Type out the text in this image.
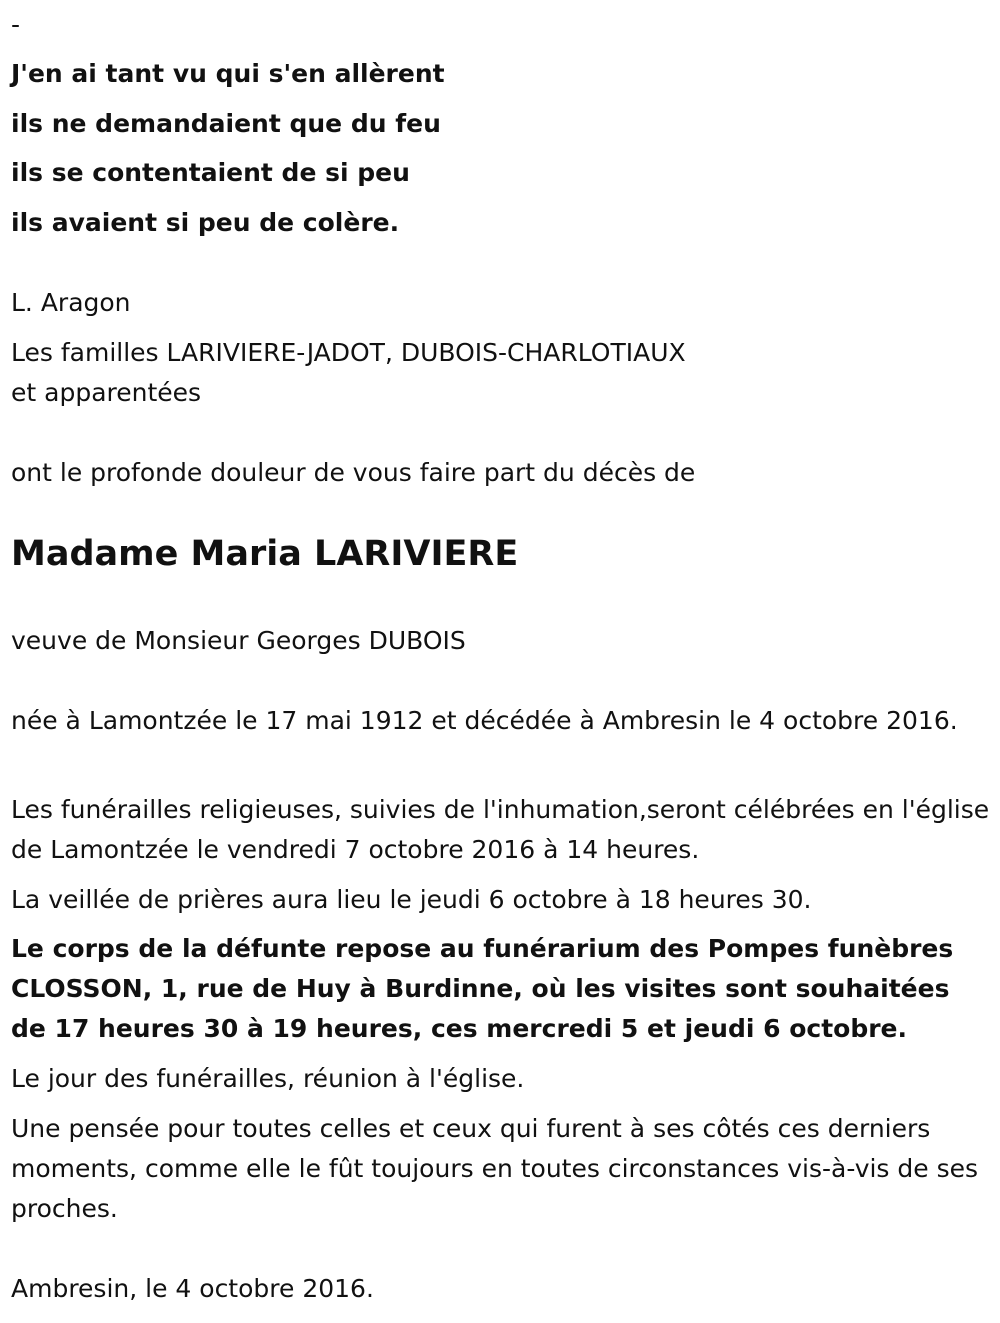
-
J'en ai tant vu qui s'en allèrent
ils ne demandaient que du feu
ils se contentaient de si peu
ils avaient si peu de colère.
L. Aragon
Les familles LARIVIERE-JADOT, DUBOIS-CHARLOTIAUX
et apparentées
ont le profonde douleur de vous faire part du décès de
Madame Maria LARIVIERE
veuve de Monsieur Georges DUBOIS
née à Lamontzée le 17 mai 1912 et décédée à Ambresin le 4 octobre 2016.
Les funérailles religieuses, suivies de l'inhumation,seront célébrées en l'église de Lamontzée le vendredi 7 octobre 2016 à 14 heures.
La veillée de prières aura lieu le jeudi 6 octobre à 18 heures 30.
Le corps de la défunte repose au funérarium des Pompes funèbres CLOSSON, 1, rue de Huy à Burdinne, où les visites sont souhaitées de 17 heures 30 à 19 heures, ces mercredi 5 et jeudi 6 octobre.
Le jour des funérailles, réunion à l'église.
Une pensée pour toutes celles et ceux qui furent à ses côtés ces derniers moments, comme elle le fût toujours en toutes circonstances vis-à-vis de ses proches.
Ambresin, le 4 octobre 2016.
